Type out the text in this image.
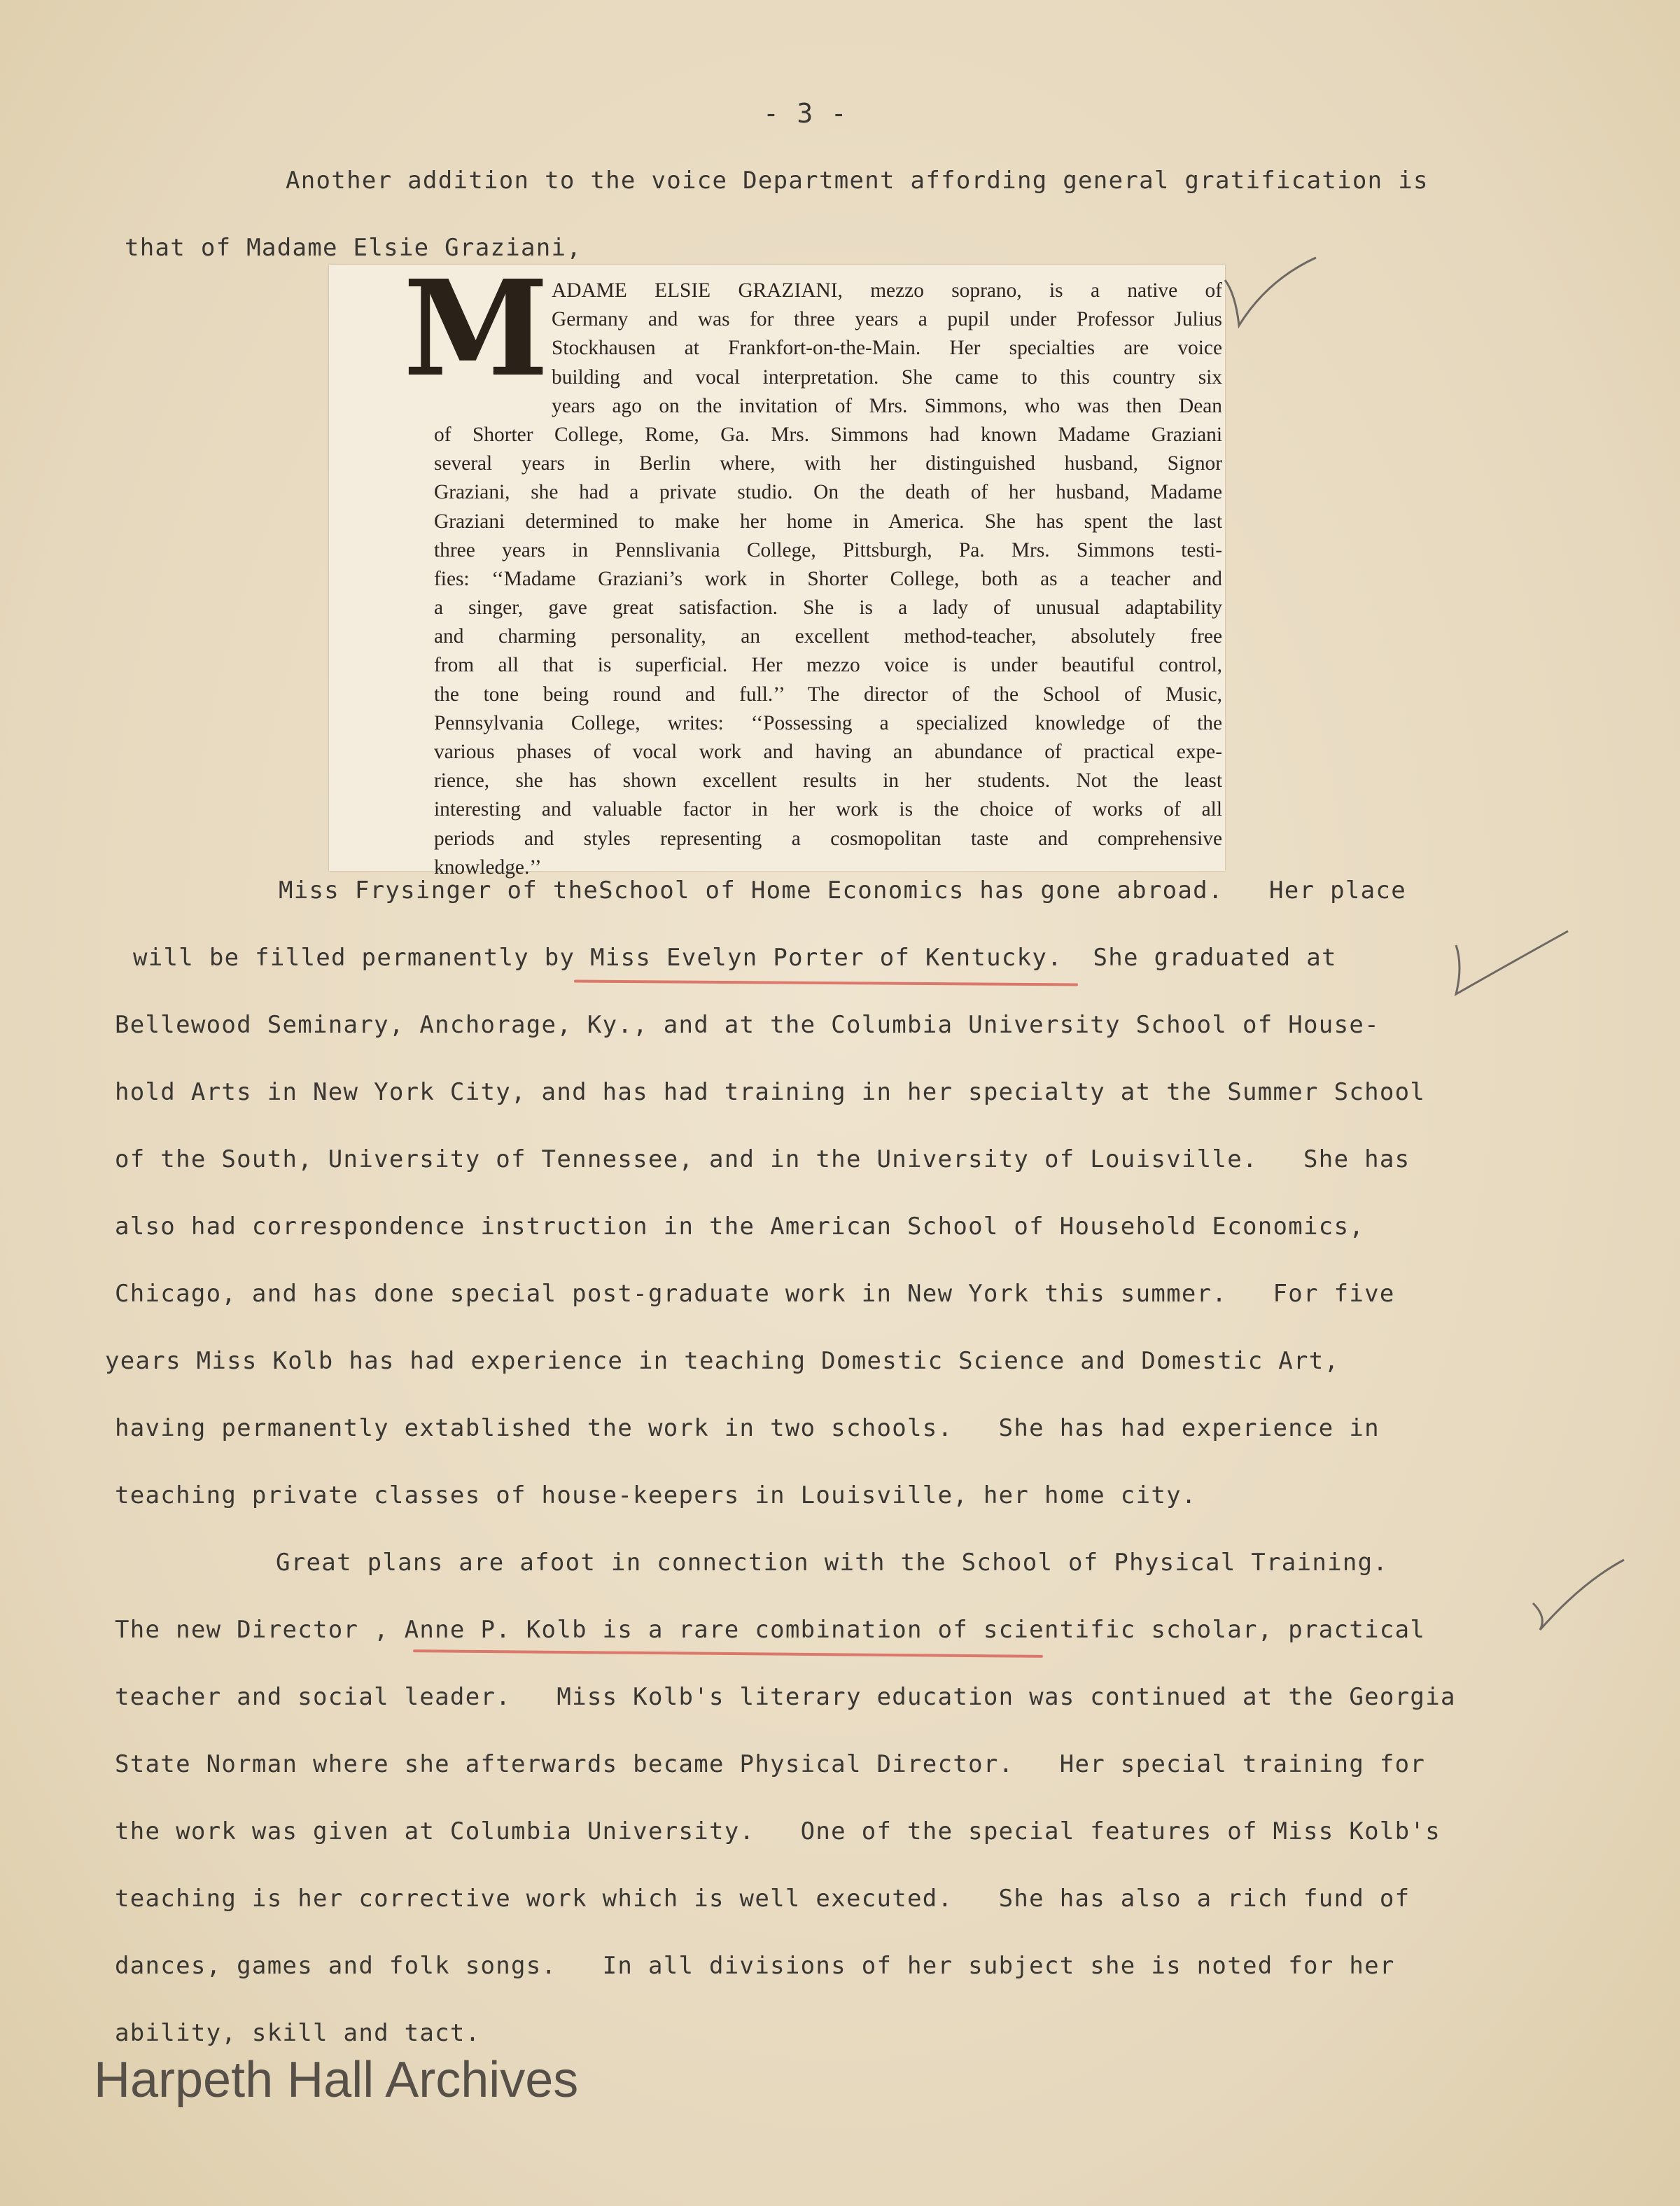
- 3 -
Another addition to the voice Department affording general gratification is
that of Madame Elsie Graziani,
M ADAME ELSIE GRAZIANI, mezzo soprano, is a native of
Germany and was for three years a pupil under Professor Julius
Stockhausen at Frankfort-on-the-Main. Her specialties are voice
building and vocal interpretation. She came to this country six
years ago on the invitation of Mrs. Simmons, who was then Dean
of Shorter College, Rome, Ga. Mrs. Simmons had known Madame Graziani
several years in Berlin where, with her distinguished husband, Signor
Graziani, she had a private studio. On the death of her husband, Madame
Graziani determined to make her home in America. She has spent the last
three years in Pennslivania College, Pittsburgh, Pa. Mrs. Simmons testi-
fies: ‘‘Madame Graziani’s work in Shorter College, both as a teacher and
a singer, gave great satisfaction. She is a lady of unusual adaptability
and charming personality, an excellent method-teacher, absolutely free
from all that is superficial. Her mezzo voice is under beautiful control,
the tone being round and full.’’ The director of the School of Music,
Pennsylvania College, writes: ‘‘Possessing a specialized knowledge of the
various phases of vocal work and having an abundance of practical expe-
rience, she has shown excellent results in her students. Not the least
interesting and valuable factor in her work is the choice of works of all
periods and styles representing a cosmopolitan taste and comprehensive
knowledge.’’
Miss Frysinger of theSchool of Home Economics has gone abroad.   Her place
will be filled permanently by Miss Evelyn Porter of Kentucky.  She graduated at
Bellewood Seminary, Anchorage, Ky., and at the Columbia University School of House-
hold Arts in New York City, and has had training in her specialty at the Summer School
of the South, University of Tennessee, and in the University of Louisville.   She has
also had correspondence instruction in the American School of Household Economics,
Chicago, and has done special post-graduate work in New York this summer.   For five
years Miss Kolb has had experience in teaching Domestic Science and Domestic Art,
having permanently extablished the work in two schools.   She has had experience in
teaching private classes of house-keepers in Louisville, her home city.
Great plans are afoot in connection with the School of Physical Training.
The new Director , Anne P. Kolb is a rare combination of scientific scholar, practical
teacher and social leader.   Miss Kolb's literary education was continued at the Georgia
State Norman where she afterwards became Physical Director.   Her special training for
the work was given at Columbia University.   One of the special features of Miss Kolb's
teaching is her corrective work which is well executed.   She has also a rich fund of
dances, games and folk songs.   In all divisions of her subject she is noted for her
ability, skill and tact.
Harpeth Hall Archives
